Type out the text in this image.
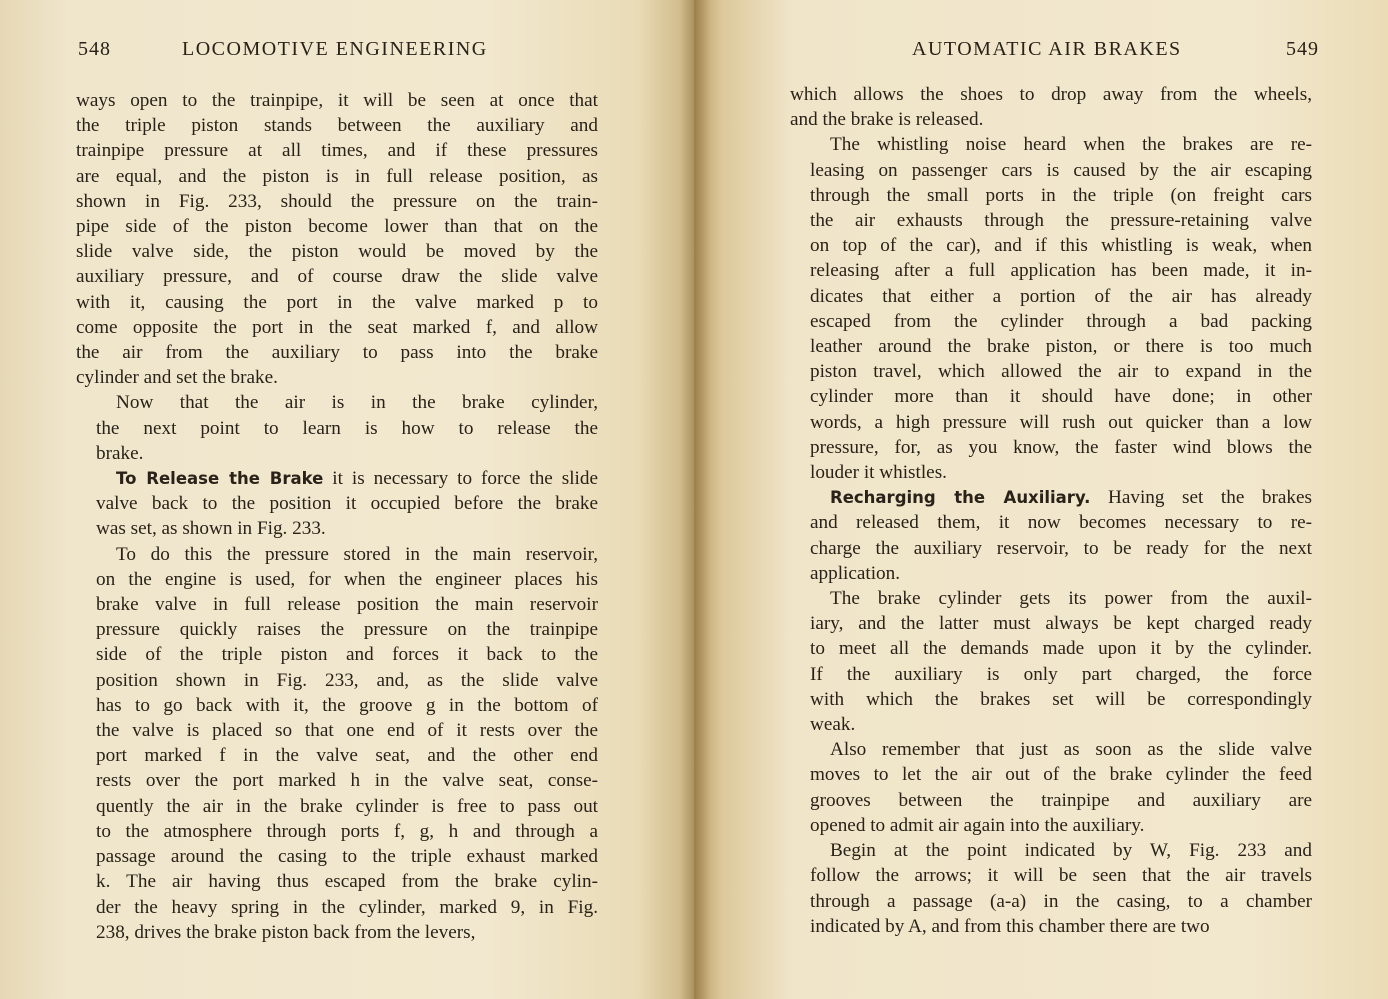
548	LOCOMOTIVE ENGINEERING
ways open to the trainpipe, it will be seen at once that
the triple piston stands between the auxiliary and
trainpipe pressure at all times, and if these pressures
are equal, and the piston is in full release position, as
shown in Fig. 233, should the pressure on the train-
pipe side of the piston become lower than that on the
slide valve side, the piston would be moved by the
auxiliary pressure, and of course draw the slide valve
with it, causing the port in the valve marked p to
come opposite the port in the seat marked f, and allow
the air from the auxiliary to pass into the brake
cylinder and set the brake.
Now that the air is in the brake cylinder,
the next point to learn is how to release the
brake.
To Release the Brake it is necessary to force the slide
valve back to the position it occupied before the brake
was set, as shown in Fig. 233.
To do this the pressure stored in the main reservoir,
on the engine is used, for when the engineer places his
brake valve in full release position the main reservoir
pressure quickly raises the pressure on the trainpipe
side of the triple piston and forces it back to the
position shown in Fig. 233, and, as the slide valve
has to go back with it, the groove g in the bottom of
the valve is placed so that one end of it rests over the
port marked f in the valve seat, and the other end
rests over the port marked h in the valve seat, conse-
quently the air in the brake cylinder is free to pass out
to the atmosphere through ports f, g, h and through a
passage around the casing to the triple exhaust marked
k. The air having thus escaped from the brake cylin-
der the heavy spring in the cylinder, marked 9, in Fig.
238, drives the brake piston back from the levers,
AUTOMATIC AIR BRAKES	549
which allows the shoes to drop away from the wheels,
and the brake is released.
The whistling noise heard when the brakes are re-
leasing on passenger cars is caused by the air escaping
through the small ports in the triple (on freight cars
the air exhausts through the pressure-retaining valve
on top of the car), and if this whistling is weak, when
releasing after a full application has been made, it in-
dicates that either a portion of the air has already
escaped from the cylinder through a bad packing
leather around the brake piston, or there is too much
piston travel, which allowed the air to expand in the
cylinder more than it should have done; in other
words, a high pressure will rush out quicker than a low
pressure, for, as you know, the faster wind blows the
louder it whistles.
Recharging the Auxiliary. Having set the brakes
and released them, it now becomes necessary to re-
charge the auxiliary reservoir, to be ready for the next
application.
The brake cylinder gets its power from the auxil-
iary, and the latter must always be kept charged ready
to meet all the demands made upon it by the cylinder.
If the auxiliary is only part charged, the force
with which the brakes set will be correspondingly
weak.
Also remember that just as soon as the slide valve
moves to let the air out of the brake cylinder the feed
grooves between the trainpipe and auxiliary are
opened to admit air again into the auxiliary.
Begin at the point indicated by W, Fig. 233 and
follow the arrows; it will be seen that the air travels
through a passage (a-a) in the casing, to a chamber
indicated by A, and from this chamber there are two
